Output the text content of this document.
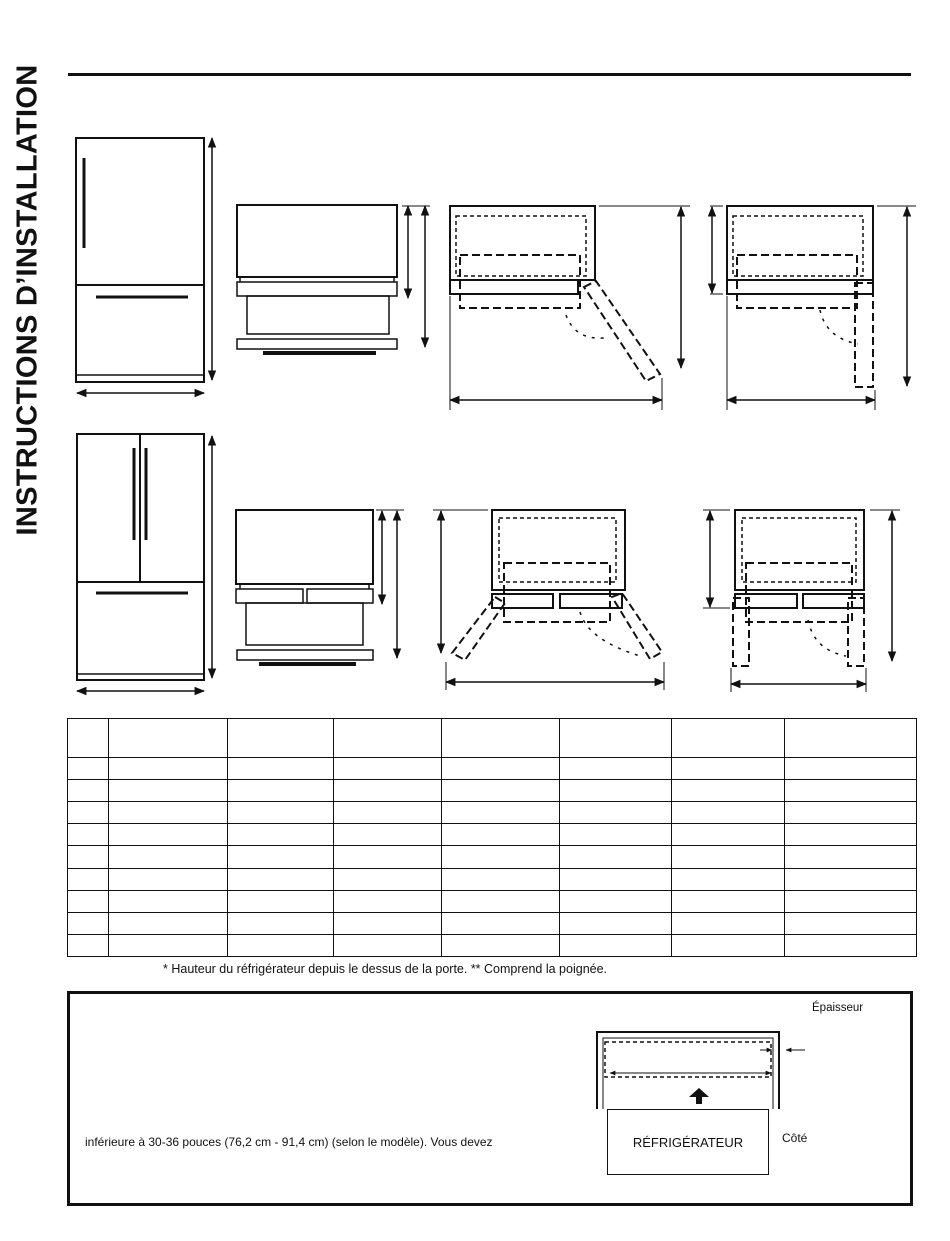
INSTRUCTIONS D’INSTALLATION

* Hauteur du réfrigérateur depuis le dessus de la porte. ** Comprend la poignée.
Épaisseur
inférieure à 30-36 pouces (76,2 cm - 91,4 cm) (selon le modèle). Vous devez	RÉFRIGÉRATEUR	Côté
